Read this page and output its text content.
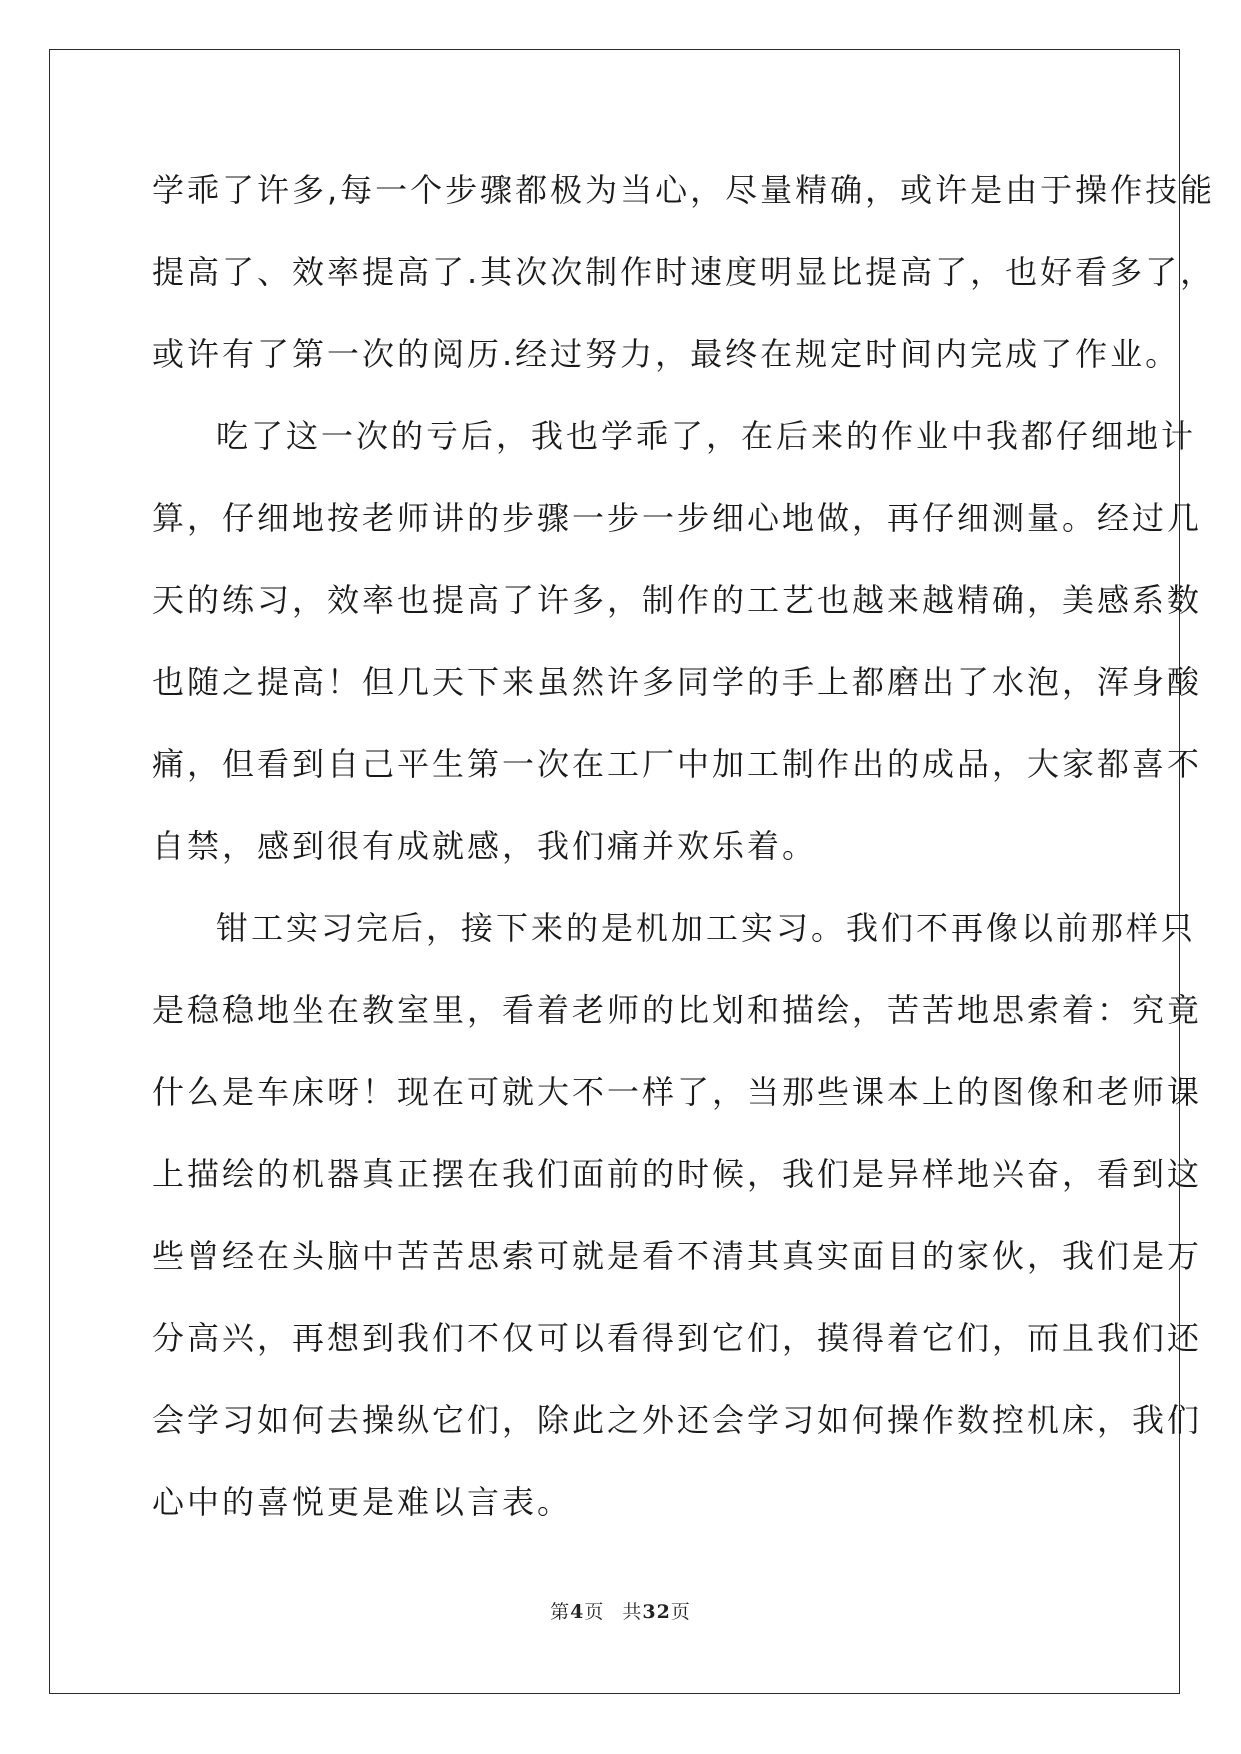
学乖了许多,每一个步骤都极为当心，尽量精确，或许是由于操作技能
提高了、效率提高了.其次次制作时速度明显比提高了，也好看多了，
或许有了第一次的阅历.经过努力，最终在规定时间内完成了作业。
吃了这一次的亏后，我也学乖了，在后来的作业中我都仔细地计
算，仔细地按老师讲的步骤一步一步细心地做，再仔细测量。经过几
天的练习，效率也提高了许多，制作的工艺也越来越精确，美感系数
也随之提高！但几天下来虽然许多同学的手上都磨出了水泡，浑身酸
痛，但看到自己平生第一次在工厂中加工制作出的成品，大家都喜不
自禁，感到很有成就感，我们痛并欢乐着。
钳工实习完后，接下来的是机加工实习。我们不再像以前那样只
是稳稳地坐在教室里，看着老师的比划和描绘，苦苦地思索着：究竟
什么是车床呀！现在可就大不一样了，当那些课本上的图像和老师课
上描绘的机器真正摆在我们面前的时候，我们是异样地兴奋，看到这
些曾经在头脑中苦苦思索可就是看不清其真实面目的家伙，我们是万
分高兴，再想到我们不仅可以看得到它们，摸得着它们，而且我们还
会学习如何去操纵它们，除此之外还会学习如何操作数控机床，我们
心中的喜悦更是难以言表。
第4页 共32页
